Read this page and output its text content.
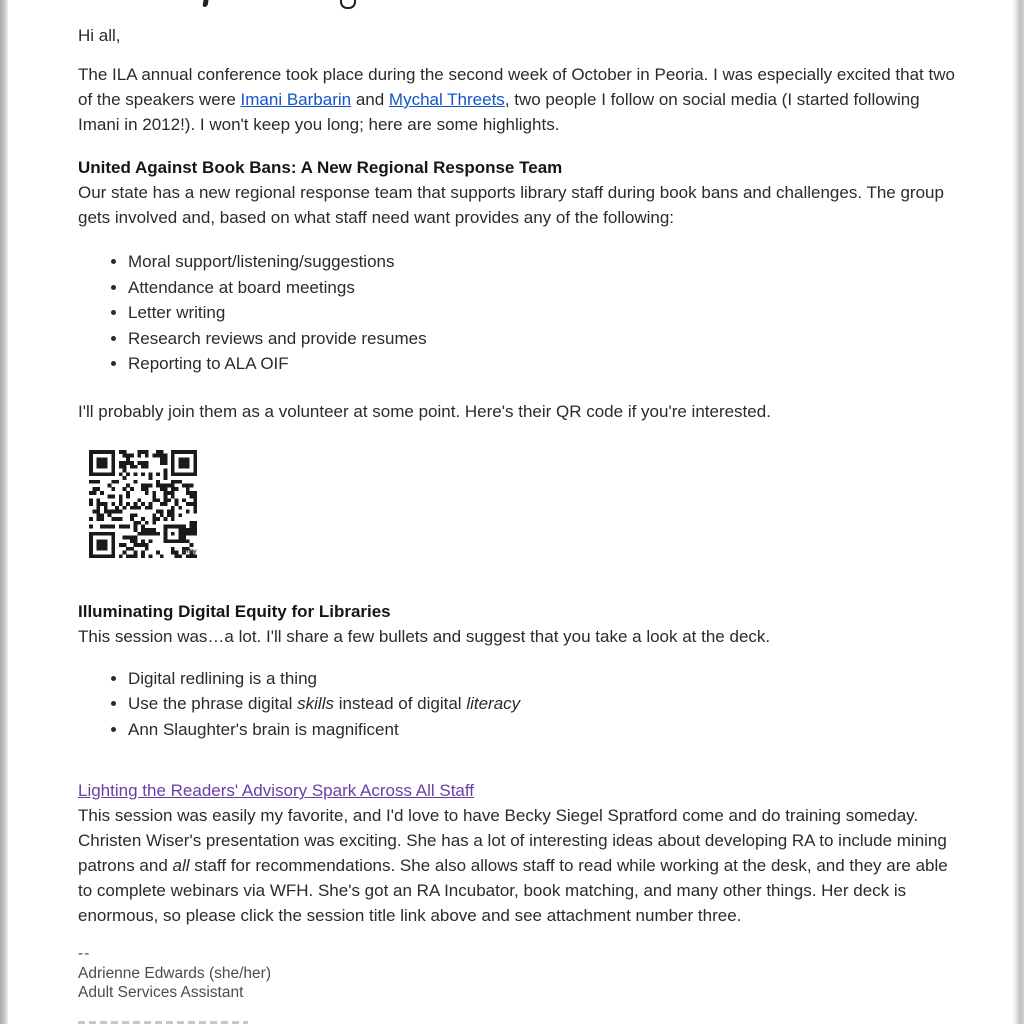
Hi all,

The ILA annual conference took place during the second week of October in Peoria. I was especially excited that two of the speakers were Imani Barbarin and Mychal Threets, two people I follow on social media (I started following Imani in 2012!). I won't keep you long; here are some highlights.

United Against Book Bans: A New Regional Response Team

Our state has a new regional response team that supports library staff during book bans and challenges. The group gets involved and, based on what staff need want provides any of the following:

• Moral support/listening/suggestions
• Attendance at board meetings
• Letter writing
• Research reviews and provide resumes
• Reporting to ALA OIF

I'll probably join them as a volunteer at some point. Here's their QR code if you're interested.

bitly
Illuminating Digital Equity for Libraries

This session was…a lot. I'll share a few bullets and suggest that you take a look at the deck.

• Digital redlining is a thing
• Use the phrase digital skills instead of digital literacy
• Ann Slaughter's brain is magnificent

Lighting the Readers' Advisory Spark Across All Staff

This session was easily my favorite, and I'd love to have Becky Siegel Spratford come and do training someday. Christen Wiser's presentation was exciting. She has a lot of interesting ideas about developing RA to include mining patrons and all staff for recommendations. She also allows staff to read while working at the desk, and they are able to complete webinars via WFH. She's got an RA Incubator, book matching, and many other things. Her deck is enormous, so please click the session title link above and see attachment number three.

--
Adrienne Edwards (she/her)
Adult Services Assistant
